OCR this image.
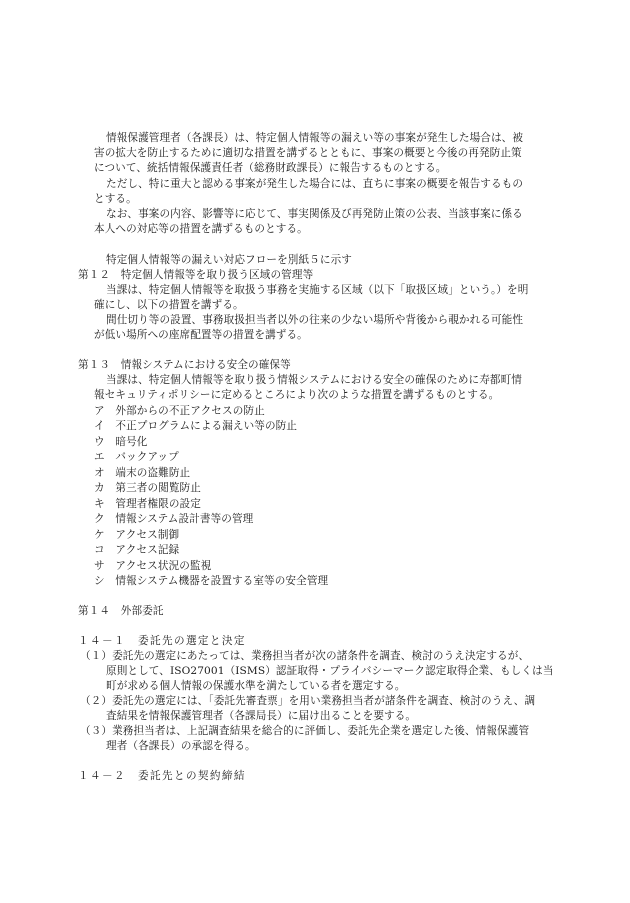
情報保護管理者（各課長）は、特定個人情報等の漏えい等の事案が発生した場合は、被
害の拡大を防止するために適切な措置を講ずるとともに、事案の概要と今後の再発防止策
について、統括情報保護責任者（総務財政課長）に報告するものとする。
ただし、特に重大と認める事案が発生した場合には、直ちに事案の概要を報告するもの
とする。
なお、事案の内容、影響等に応じて、事実関係及び再発防止策の公表、当該事案に係る
本人への対応等の措置を講ずるものとする。
特定個人情報等の漏えい対応フローを別紙５に示す
第１２　特定個人情報等を取り扱う区域の管理等
当課は、特定個人情報等を取扱う事務を実施する区域（以下「取扱区域」という。）を明
確にし、以下の措置を講ずる。
間仕切り等の設置、事務取扱担当者以外の往来の少ない場所や背後から覗かれる可能性
が低い場所への座席配置等の措置を講ずる。
第１３　情報システムにおける安全の確保等
当課は、特定個人情報等を取り扱う情報システムにおける安全の確保のために寿都町情
報セキュリティポリシーに定めるところにより次のような措置を講ずるものとする。
ア　外部からの不正アクセスの防止
イ　不正プログラムによる漏えい等の防止
ウ　暗号化
エ　バックアップ
オ　端末の盗難防止
カ　第三者の閲覧防止
キ　管理者権限の設定
ク　情報システム設計書等の管理
ケ　アクセス制御
コ　アクセス記録
サ　アクセス状況の監視
シ　情報システム機器を設置する室等の安全管理
第１４　外部委託
１４－１　委託先の選定と決定
（１）委託先の選定にあたっては、業務担当者が次の諸条件を調査、検討のうえ決定するが、
原則として、ISO27001（ISMS）認証取得・プライバシーマーク認定取得企業、もしくは当
町が求める個人情報の保護水準を満たしている者を選定する。
（２）委託先の選定には、「委託先審査票」を用い業務担当者が諸条件を調査、検討のうえ、調
査結果を情報保護管理者（各課局長）に届け出ることを要する。
（３）業務担当者は、上記調査結果を総合的に評価し、委託先企業を選定した後、情報保護管
理者（各課長）の承認を得る。
１４－２　委託先との契約締結
